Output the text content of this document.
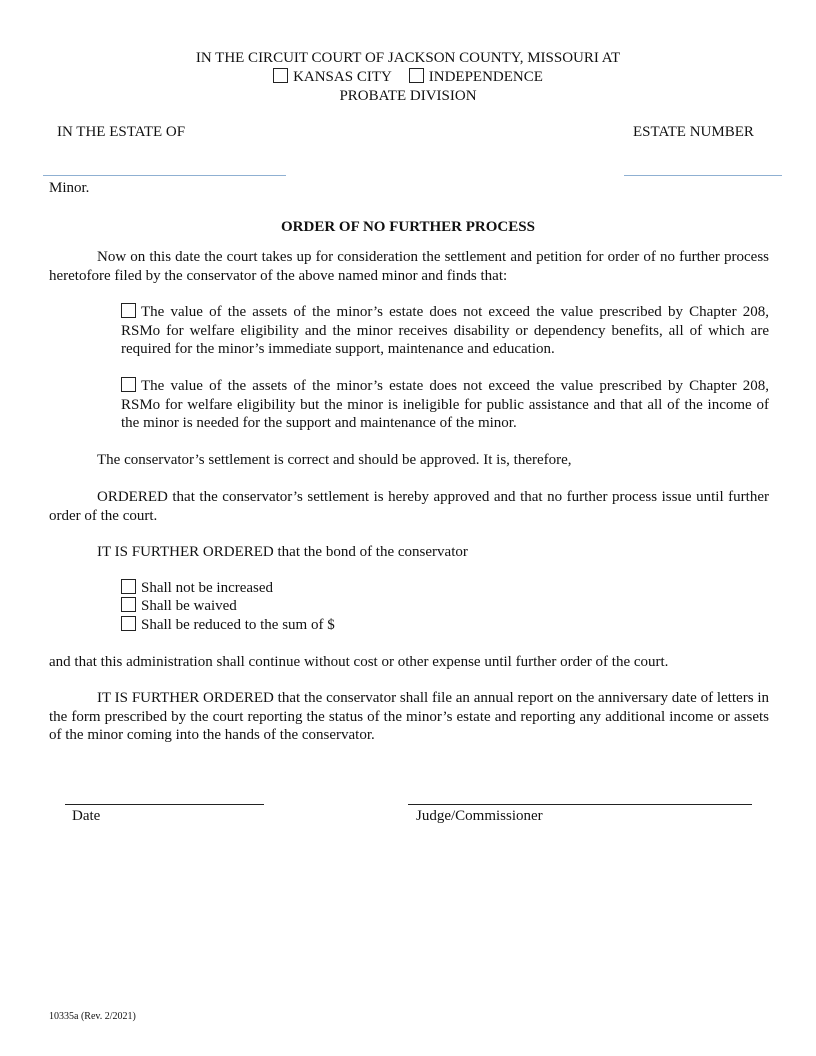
IN THE CIRCUIT COURT OF JACKSON COUNTY, MISSOURI AT
KANSAS CITY	INDEPENDENCE
PROBATE DIVISION
IN THE ESTATE OF	ESTATE NUMBER
Minor.
ORDER OF NO FURTHER PROCESS
Now on this date the court takes up for consideration the settlement and petition for order of no further process heretofore filed by the conservator of the above named minor and finds that:
The value of the assets of the minor’s estate does not exceed the value prescribed by Chapter 208, RSMo for welfare eligibility and the minor receives disability or dependency benefits, all of which are required for the minor’s immediate support, maintenance and education.
The value of the assets of the minor’s estate does not exceed the value prescribed by Chapter 208, RSMo for welfare eligibility but the minor is ineligible for public assistance and that all of the income of the minor is needed for the support and maintenance of the minor.
The conservator’s settlement is correct and should be approved. It is, therefore,
ORDERED that the conservator’s settlement is hereby approved and that no further process issue until further order of the court.
IT IS FURTHER ORDERED that the bond of the conservator
Shall not be increased
Shall be waived
Shall be reduced to the sum of $
and that this administration shall continue without cost or other expense until further order of the court.
IT IS FURTHER ORDERED that the conservator shall file an annual report on the anniversary date of letters in the form prescribed by the court reporting the status of the minor’s estate and reporting any additional income or assets of the minor coming into the hands of the conservator.
Date	Judge/Commissioner
10335a (Rev. 2/2021)
